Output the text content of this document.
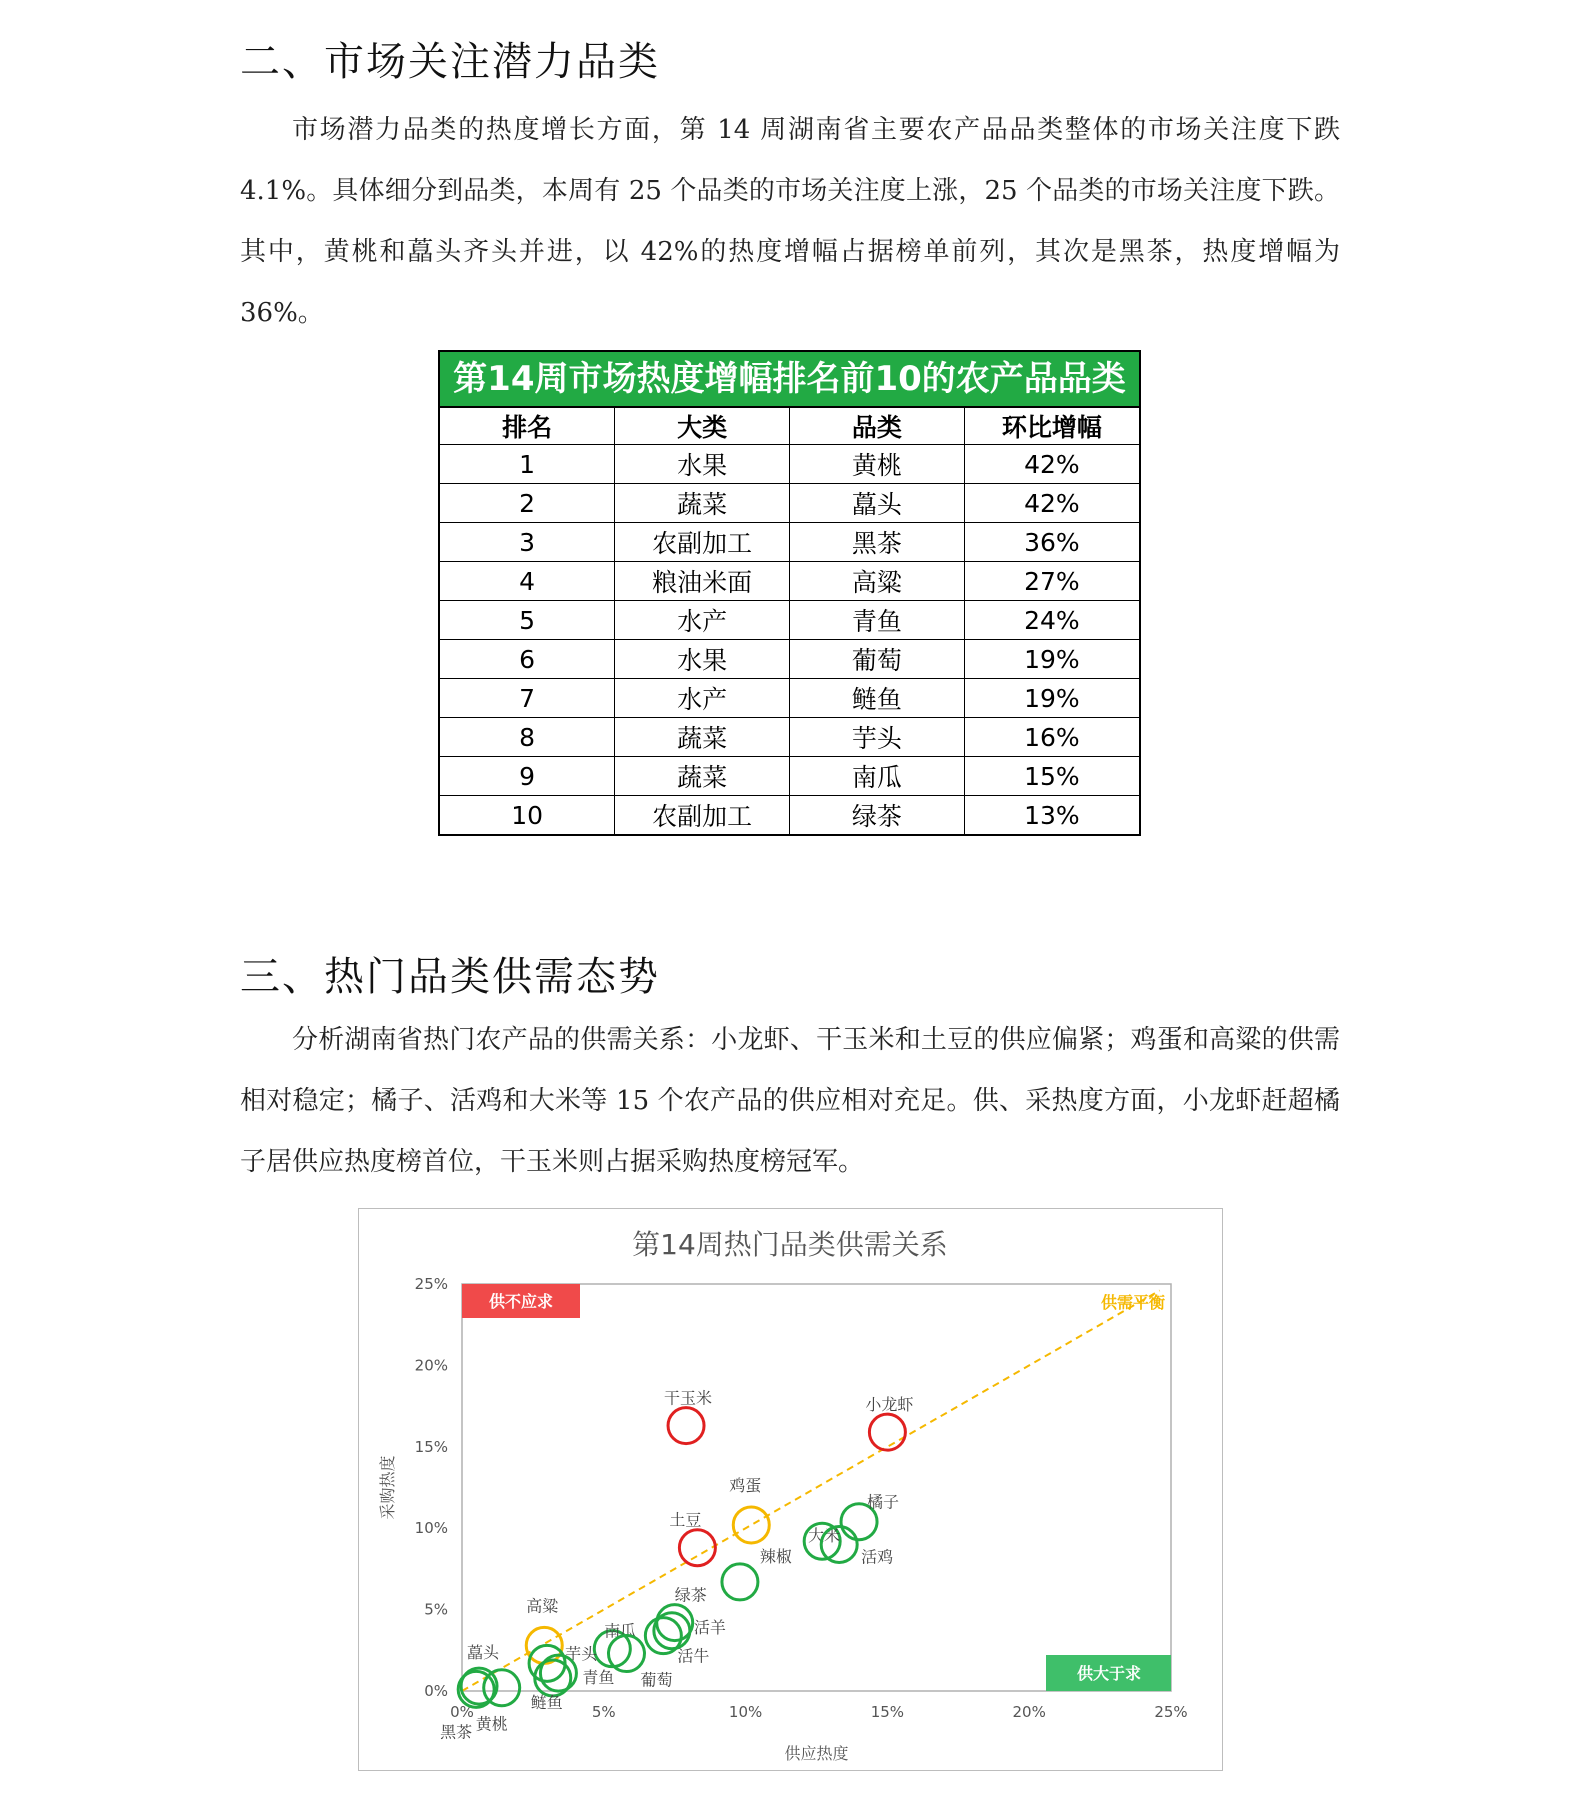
二、市场关注潜力品类

市场潜力品类的热度增长方面，第 14 周湖南省主要农产品品类整体的市场关注度下跌 4.1%。具体细分到品类，本周有 25 个品类的市场关注度上涨，25 个品类的市场关注度下跌。其中，黄桃和藠头齐头并进，以 42%的热度增幅占据榜单前列，其次是黑茶，热度增幅为 36%。

第14周市场热度增幅排名前10的农产品品类
排名	大类	品类	环比增幅
1	水果	黄桃	42%
2	蔬菜	藠头	42%
3	农副加工	黑茶	36%
4	粮油米面	高粱	27%
5	水产	青鱼	24%
6	水果	葡萄	19%
7	水产	鲢鱼	19%
8	蔬菜	芋头	16%
9	蔬菜	南瓜	15%
10	农副加工	绿茶	13%
三、热门品类供需态势

分析湖南省热门农产品的供需关系：小龙虾、干玉米和土豆的供应偏紧；鸡蛋和高粱的供需相对稳定；橘子、活鸡和大米等 15 个农产品的供应相对充足。供、采热度方面，小龙虾赶超橘子居供应热度榜首位，干玉米则占据采购热度榜冠军。

第14周热门品类供需关系
供不应求
供大于求
供需平衡
0%	5%	10%	15%	20%	25%
0%
5%
10%
15%
20%
25%
供应热度
采购热度
干玉米	小龙虾
土豆
鸡蛋
高粱
橘子
大米
活鸡
辣椒
绿茶
活羊
活牛
南瓜
葡萄
芋头
青鱼
鲢鱼
藠头
黄桃
黑茶
